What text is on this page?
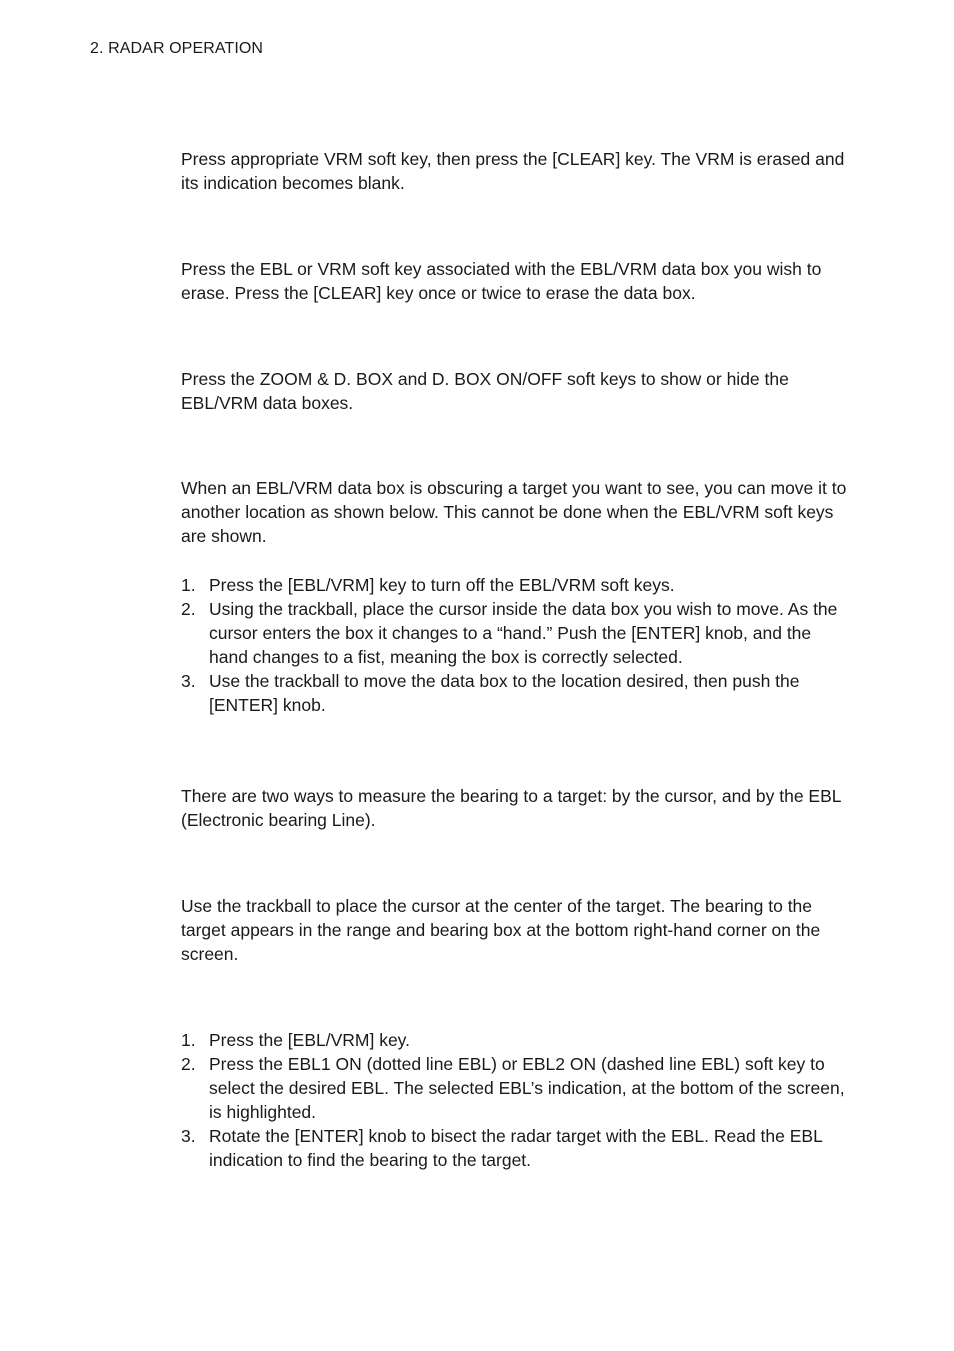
2. RADAR OPERATION

Press appropriate VRM soft key, then press the [CLEAR] key. The VRM is erased and its indication becomes blank.

Press the EBL or VRM soft key associated with the EBL/VRM data box you wish to erase. Press the [CLEAR] key once or twice to erase the data box.

Press the ZOOM & D. BOX and D. BOX ON/OFF soft keys to show or hide the EBL/VRM data boxes.

When an EBL/VRM data box is obscuring a target you want to see, you can move it to another location as shown below. This cannot be done when the EBL/VRM soft keys are shown.

1. Press the [EBL/VRM] key to turn off the EBL/VRM soft keys.
2. Using the trackball, place the cursor inside the data box you wish to move. As the cursor enters the box it changes to a “hand.” Push the [ENTER] knob, and the hand changes to a fist, meaning the box is correctly selected.
3. Use the trackball to move the data box to the location desired, then push the [ENTER] knob.

There are two ways to measure the bearing to a target: by the cursor, and by the EBL (Electronic bearing Line).

Use the trackball to place the cursor at the center of the target. The bearing to the target appears in the range and bearing box at the bottom right-hand corner on the screen.

1. Press the [EBL/VRM] key.
2. Press the EBL1 ON (dotted line EBL) or EBL2 ON (dashed line EBL) soft key to select the desired EBL. The selected EBL’s indication, at the bottom of the screen, is highlighted.
3. Rotate the [ENTER] knob to bisect the radar target with the EBL. Read the EBL indication to find the bearing to the target.
